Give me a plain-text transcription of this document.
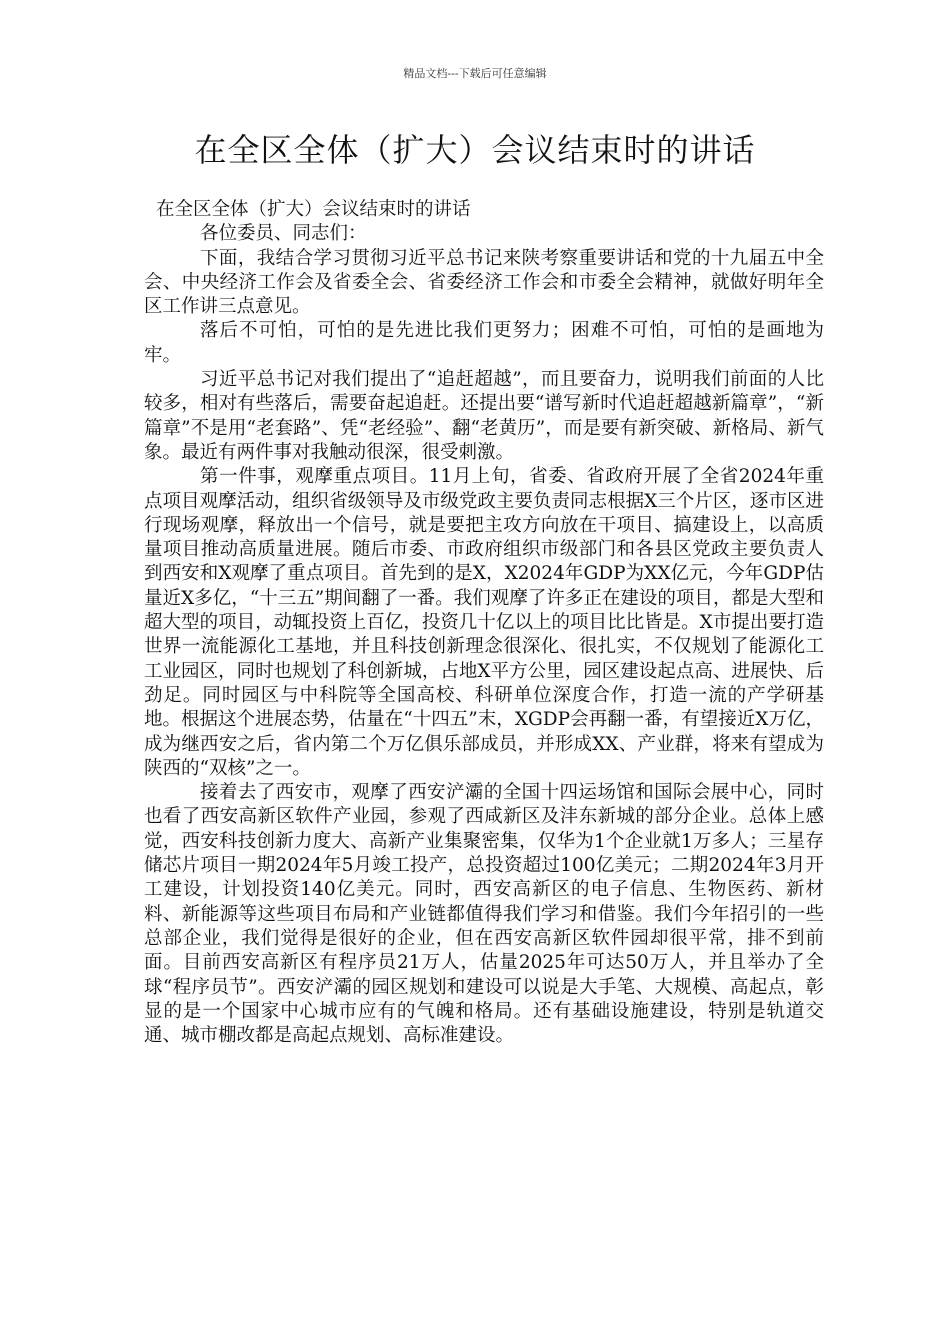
精品文档---下载后可任意编辑
在全区全体（扩大）会议结束时的讲话

在全区全体（扩大）会议结束时的讲话

各位委员、同志们：

下面，我结合学习贯彻习近平总书记来陕考察重要讲话和党的十九届五中全会、中央经济工作会及省委全会、省委经济工作会和市委全会精神，就做好明年全区工作讲三点意见。

落后不可怕，可怕的是先进比我们更努力；困难不可怕，可怕的是画地为牢。

习近平总书记对我们提出了“追赶超越”，而且要奋力，说明我们前面的人比较多，相对有些落后，需要奋起追赶。还提出要“谱写新时代追赶超越新篇章”，“新篇章”不是用“老套路”、凭“老经验”、翻“老黄历”，而是要有新突破、新格局、新气象。最近有两件事对我触动很深，很受刺激。

第一件事，观摩重点项目。11月上旬，省委、省政府开展了全省2024年重点项目观摩活动，组织省级领导及市级党政主要负责同志根据X三个片区，逐市区进行现场观摩，释放出一个信号，就是要把主攻方向放在干项目、搞建设上，以高质量项目推动高质量进展。随后市委、市政府组织市级部门和各县区党政主要负责人到西安和X观摩了重点项目。首先到的是X，X2024年GDP为XX亿元，今年GDP估量近X多亿，“十三五”期间翻了一番。我们观摩了许多正在建设的项目，都是大型和超大型的项目，动辄投资上百亿，投资几十亿以上的项目比比皆是。X市提出要打造世界一流能源化工基地，并且科技创新理念很深化、很扎实，不仅规划了能源化工工业园区，同时也规划了科创新城，占地X平方公里，园区建设起点高、进展快、后劲足。同时园区与中科院等全国高校、科研单位深度合作，打造一流的产学研基地。根据这个进展态势，估量在“十四五”末，XGDP会再翻一番，有望接近X万亿，成为继西安之后，省内第二个万亿俱乐部成员，并形成XX、产业群，将来有望成为陕西的“双核”之一。

接着去了西安市，观摩了西安浐灞的全国十四运场馆和国际会展中心，同时也看了西安高新区软件产业园，参观了西咸新区及沣东新城的部分企业。总体上感觉，西安科技创新力度大、高新产业集聚密集，仅华为1个企业就1万多人；三星存储芯片项目一期2024年5月竣工投产，总投资超过100亿美元；二期2024年3月开工建设，计划投资140亿美元。同时，西安高新区的电子信息、生物医药、新材料、新能源等这些项目布局和产业链都值得我们学习和借鉴。我们今年招引的一些总部企业，我们觉得是很好的企业，但在西安高新区软件园却很平常，排不到前面。目前西安高新区有程序员21万人，估量2025年可达50万人，并且举办了全球“程序员节”。西安浐灞的园区规划和建设可以说是大手笔、大规模、高起点，彰显的是一个国家中心城市应有的气魄和格局。还有基础设施建设，特别是轨道交通、城市棚改都是高起点规划、高标准建设。
